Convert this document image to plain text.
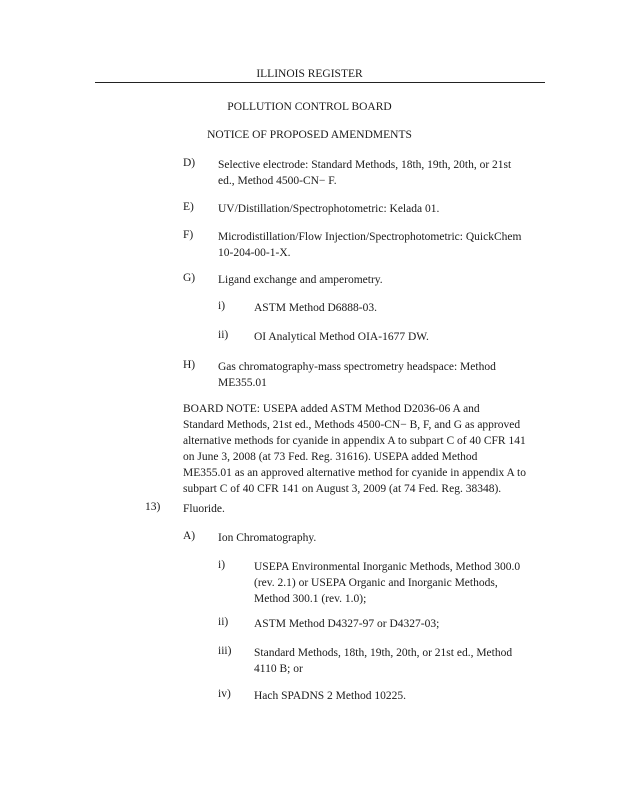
ILLINOIS REGISTER
POLLUTION CONTROL BOARD
NOTICE OF PROPOSED AMENDMENTS
D) Selective electrode: Standard Methods, 18th, 19th, 20th, or 21st
ed., Method 4500-CN− F.
E) UV/Distillation/Spectrophotometric: Kelada 01.
F) Microdistillation/Flow Injection/Spectrophotometric: QuickChem
10-204-00-1-X.
G) Ligand exchange and amperometry.
i)	ASTM Method D6888-03.
ii) OI Analytical Method OIA-1677 DW.
H) Gas chromatography-mass spectrometry headspace: Method
ME355.01
BOARD NOTE: USEPA added ASTM Method D2036-06 A and
Standard Methods, 21st ed., Methods 4500-CN− B, F, and G as approved
alternative methods for cyanide in appendix A to subpart C of 40 CFR 141
on June 3, 2008 (at 73 Fed. Reg. 31616). USEPA added Method
ME355.01 as an approved alternative method for cyanide in appendix A to
subpart C of 40 CFR 141 on August 3, 2009 (at 74 Fed. Reg. 38348).
13) Fluoride.
A) Ion Chromatography.
i)	USEPA Environmental Inorganic Methods, Method 300.0
(rev. 2.1) or USEPA Organic and Inorganic Methods,
Method 300.1 (rev. 1.0);
ii) ASTM Method D4327-97 or D4327-03;
iii) Standard Methods, 18th, 19th, 20th, or 21st ed., Method
4110 B; or
iv) Hach SPADNS 2 Method 10225.
